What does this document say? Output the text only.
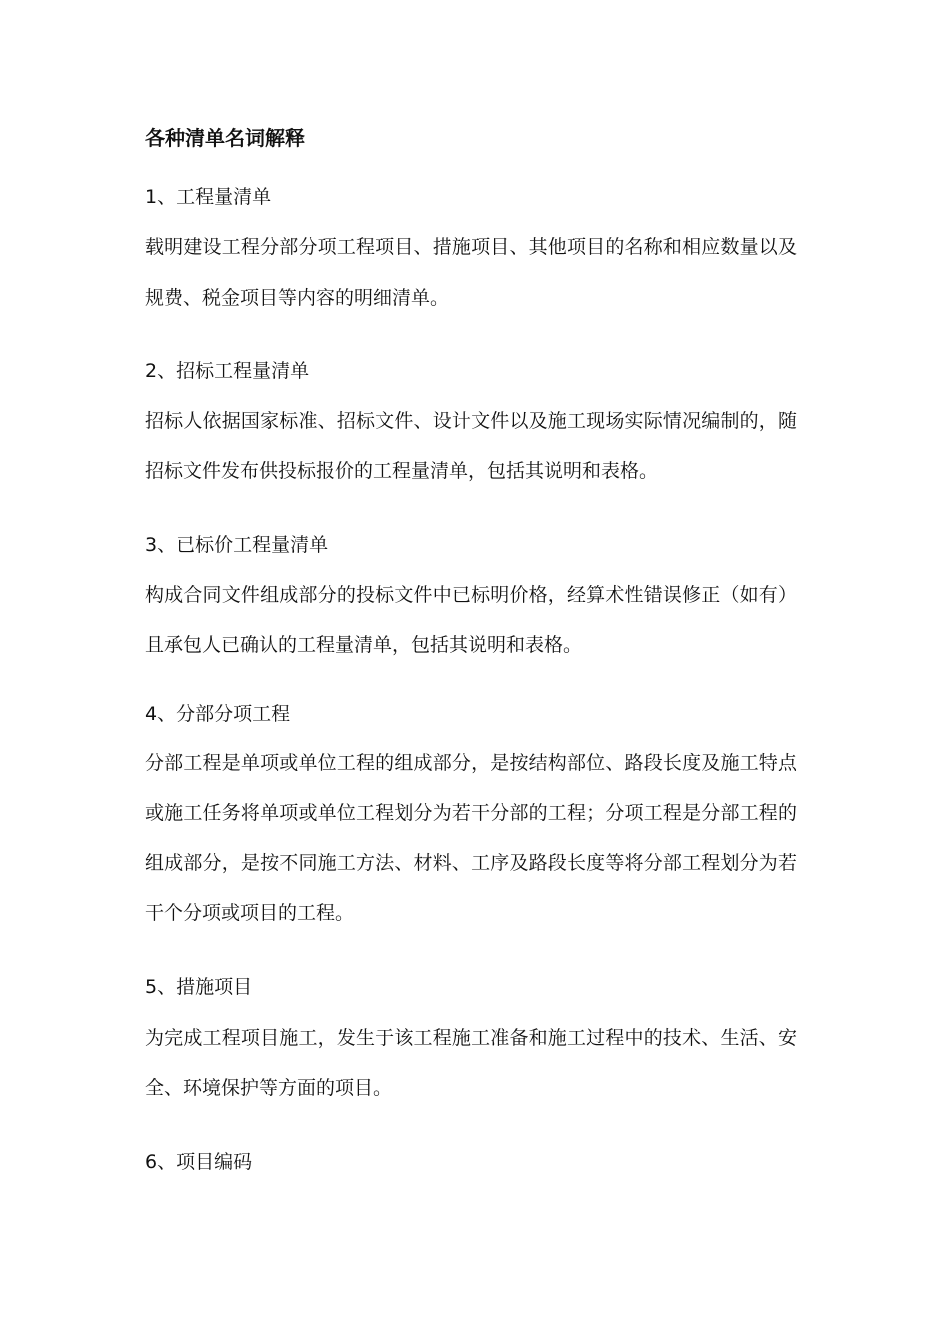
各种清单名词解释
1、工程量清单
载明建设工程分部分项工程项目、措施项目、其他项目的名称和相应数量以及
规费、税金项目等内容的明细清单。
2、招标工程量清单
招标人依据国家标准、招标文件、设计文件以及施工现场实际情况编制的，随
招标文件发布供投标报价的工程量清单，包括其说明和表格。
3、已标价工程量清单
构成合同文件组成部分的投标文件中已标明价格，经算术性错误修正（如有）
且承包人已确认的工程量清单，包括其说明和表格。
4、分部分项工程
分部工程是单项或单位工程的组成部分，是按结构部位、路段长度及施工特点
或施工任务将单项或单位工程划分为若干分部的工程；分项工程是分部工程的
组成部分，是按不同施工方法、材料、工序及路段长度等将分部工程划分为若
干个分项或项目的工程。
5、措施项目
为完成工程项目施工，发生于该工程施工准备和施工过程中的技术、生活、安
全、环境保护等方面的项目。
6、项目编码
